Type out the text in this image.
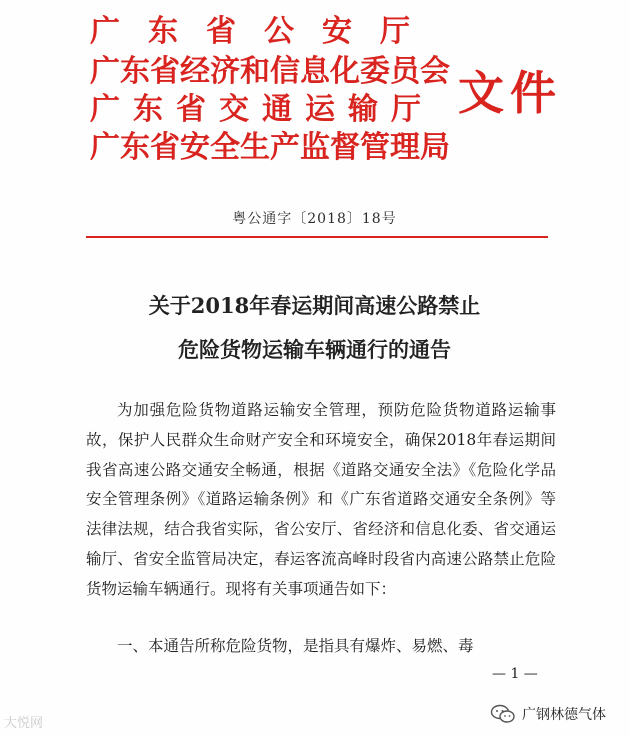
广东省公安厅
广东省经济和信息化委员会
广东省交通运输厅
广东省安全生产监督管理局
文件
粤公通字〔2018〕18号
关于2018年春运期间高速公路禁止
危险货物运输车辆通行的通告
为加强危险货物道路运输安全管理，预防危险货物道路运输事故，保护人民群众生命财产安全和环境安全，确保2018年春运期间我省高速公路交通安全畅通，根据《道路交通安全法》《危险化学品安全管理条例》《道路运输条例》和《广东省道路交通安全条例》等法律法规，结合我省实际，省公安厅、省经济和信息化委、省交通运输厅、省安全监管局决定，春运客流高峰时段省内高速公路禁止危险货物运输车辆通行。现将有关事项通告如下：
一、本通告所称危险货物，是指具有爆炸、易燃、毒
— 1 —
大悦网
广钢林德气体
